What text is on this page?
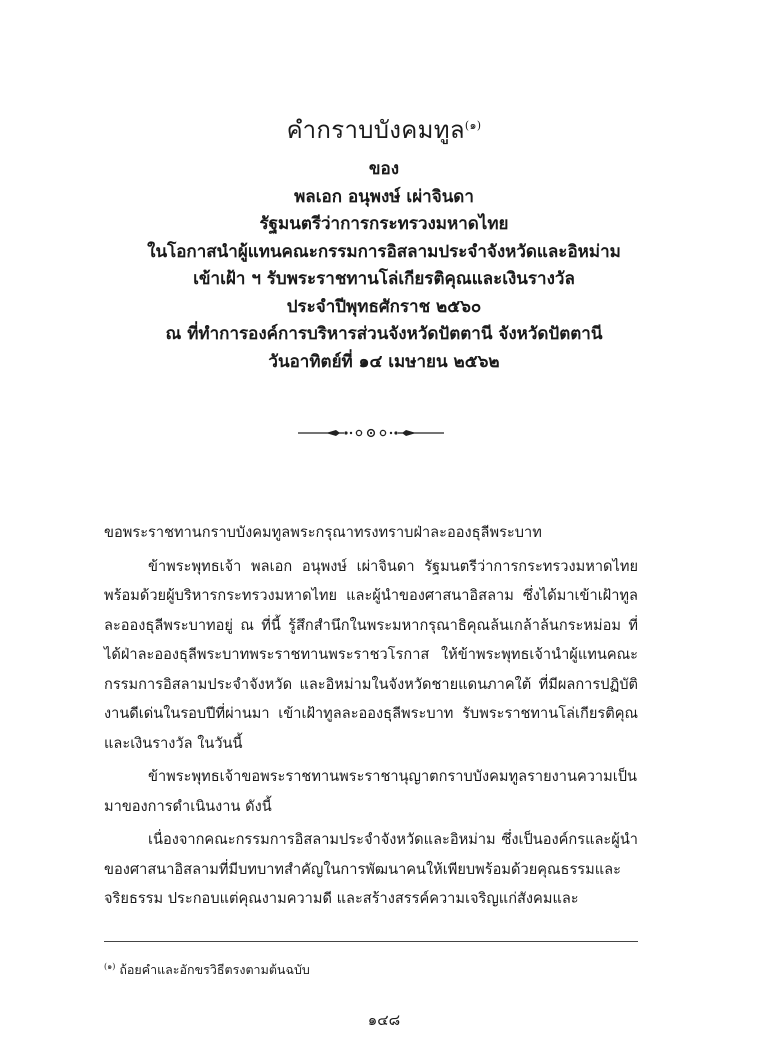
คำกราบบังคมทูล$^{(๑)}$
ของ
พลเอก อนุพงษ์ เผ่าจินดา
รัฐมนตรีว่าการกระทรวงมหาดไทย
ในโอกาสนำผู้แทนคณะกรรมการอิสลามประจำจังหวัดและอิหม่าม
เข้าเฝ้า ฯ รับพระราชทานโล่เกียรติคุณและเงินรางวัล
ประจำปีพุทธศักราช ๒๕๖๐
ณ ที่ทำการองค์การบริหารส่วนจังหวัดปัตตานี จังหวัดปัตตานี
วันอาทิตย์ที่ ๑๔ เมษายน ๒๕๖๒

ขอพระราชทานกราบบังคมทูลพระกรุณาทรงทราบฝ่าละอองธุลีพระบาท

ข้าพระพุทธเจ้า พลเอก อนุพงษ์ เผ่าจินดา รัฐมนตรีว่าการกระทรวงมหาดไทย พร้อมด้วยผู้บริหารกระทรวงมหาดไทย และผู้นำของศาสนาอิสลาม ซึ่งได้มาเข้าเฝ้าทูลละอองธุลีพระบาทอยู่ ณ ที่นี้ รู้สึกสำนึกในพระมหากรุณาธิคุณล้นเกล้าล้นกระหม่อม ที่ได้ฝ่าละอองธุลีพระบาทพระราชทานพระราชวโรกาส ให้ข้าพระพุทธเจ้านำผู้แทนคณะกรรมการอิสลามประจำจังหวัด และอิหม่ามในจังหวัดชายแดนภาคใต้ ที่มีผลการปฏิบัติงานดีเด่นในรอบปีที่ผ่านมา เข้าเฝ้าทูลละอองธุลีพระบาท รับพระราชทานโล่เกียรติคุณและเงินรางวัล ในวันนี้

ข้าพระพุทธเจ้าขอพระราชทานพระราชานุญาตกราบบังคมทูลรายงานความเป็นมาของการดำเนินงาน ดังนี้

เนื่องจากคณะกรรมการอิสลามประจำจังหวัดและอิหม่าม ซึ่งเป็นองค์กรและผู้นำของศาสนาอิสลามที่มีบทบาทสำคัญในการพัฒนาคนให้เพียบพร้อมด้วยคุณธรรมและจริยธรรม ประกอบแต่คุณงามความดี และสร้างสรรค์ความเจริญแก่สังคมและ

$^{(๑)}$ ถ้อยคำและอักขรวิธีตรงตามต้นฉบับ
๑๔๘
